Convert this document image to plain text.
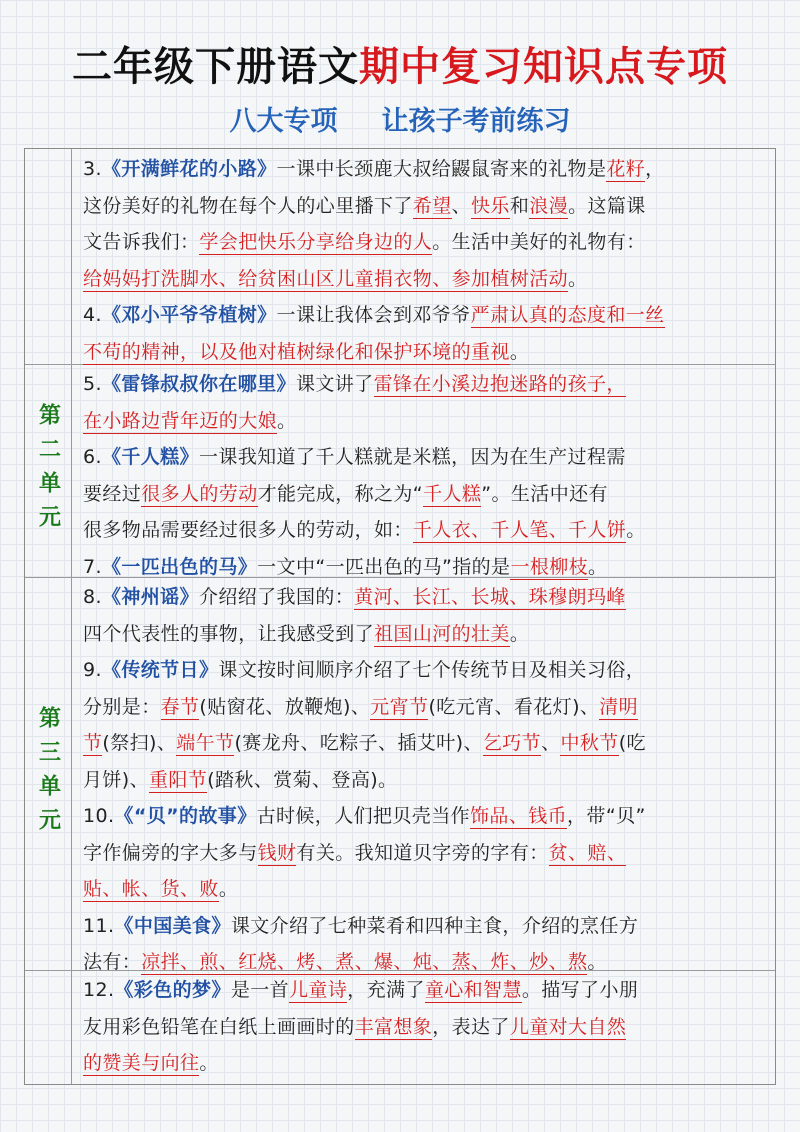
二年级下册语文期中复习知识点专项
八大专项 让孩子考前练习

3.《开满鲜花的小路》一课中长颈鹿大叔给鼹鼠寄来的礼物是花籽，

这份美好的礼物在每个人的心里播下了希望、快乐和浪漫。这篇课

文告诉我们：学会把快乐分享给身边的人。生活中美好的礼物有：

给妈妈打洗脚水、给贫困山区儿童捐衣物、参加植树活动。

4.《邓小平爷爷植树》一课让我体会到邓爷爷严肃认真的态度和一丝

不苟的精神，以及他对植树绿化和保护环境的重视。

第二单元

5.《雷锋叔叔你在哪里》课文讲了雷锋在小溪边抱迷路的孩子，

在小路边背年迈的大娘。

6.《千人糕》一课我知道了千人糕就是米糕，因为在生产过程需

要经过很多人的劳动才能完成，称之为“千人糕”。生活中还有

很多物品需要经过很多人的劳动，如：千人衣、千人笔、千人饼。

7.《一匹出色的马》一文中“一匹出色的马”指的是一根柳枝。

第三单元

8.《神州谣》介绍绍了我国的：黄河、长江、长城、珠穆朗玛峰

四个代表性的事物，让我感受到了祖国山河的壮美。

9.《传统节日》课文按时间顺序介绍了七个传统节日及相关习俗，

分别是：春节(贴窗花、放鞭炮)、元宵节(吃元宵、看花灯)、清明

节(祭扫)、端午节(赛龙舟、吃粽子、插艾叶)、乞巧节、中秋节(吃

月饼)、重阳节(踏秋、赏菊、登高)。

10.《“贝”的故事》古时候，人们把贝壳当作饰品、钱币，带“贝”

字作偏旁的字大多与钱财有关。我知道贝字旁的字有：贫、赔、

贴、帐、货、败。

11.《中国美食》课文介绍了七种菜肴和四种主食，介绍的烹任方

法有：凉拌、煎、红烧、烤、煮、爆、炖、蒸、炸、炒、熬。

12.《彩色的梦》是一首儿童诗，充满了童心和智慧。描写了小朋

友用彩色铅笔在白纸上画画时的丰富想象，表达了儿童对大自然

的赞美与向往。
